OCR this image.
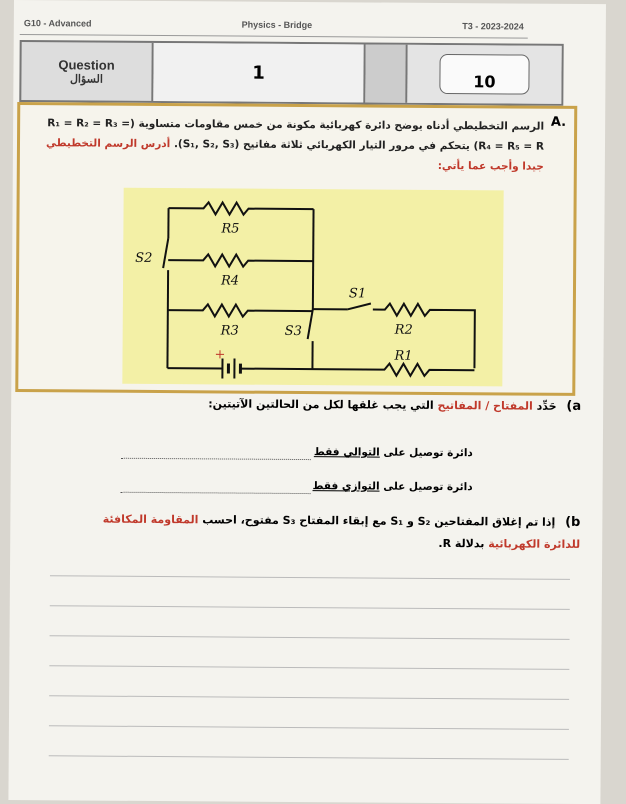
G10 - Advanced	Physics - Bridge	T3 - 2023-2024
Question
السؤال	1	10
A.
الرسم التخطيطي أدناه يوضح دائرة كهربائية مكونة من خمس مقاومات متساوية (R₁ = R₂ = R₃ = R₄ = R₅ = R) يتحكم في مرور التيار الكهربائي ثلاثة مفاتيح (S₁, S₂, S₃). أدرس الرسم التخطيطي جيدا وأجب عما يأتي:
R5
R4
R3	R2
R1
S1
S2
S3
+
a) حَدِّد المفتاح / المفاتيح التي يجب غلقها لكل من الحالتين الآتيتين:
دائرة توصيل على التوالي فقط
دائرة توصيل على التوازي فقط
b) إذا تم إغلاق المفتاحين S₂ و S₁ مع إبقاء المفتاح S₃ مفتوح، احسب المقاومة المكافئة للدائرة الكهربائية بدلالة R.
